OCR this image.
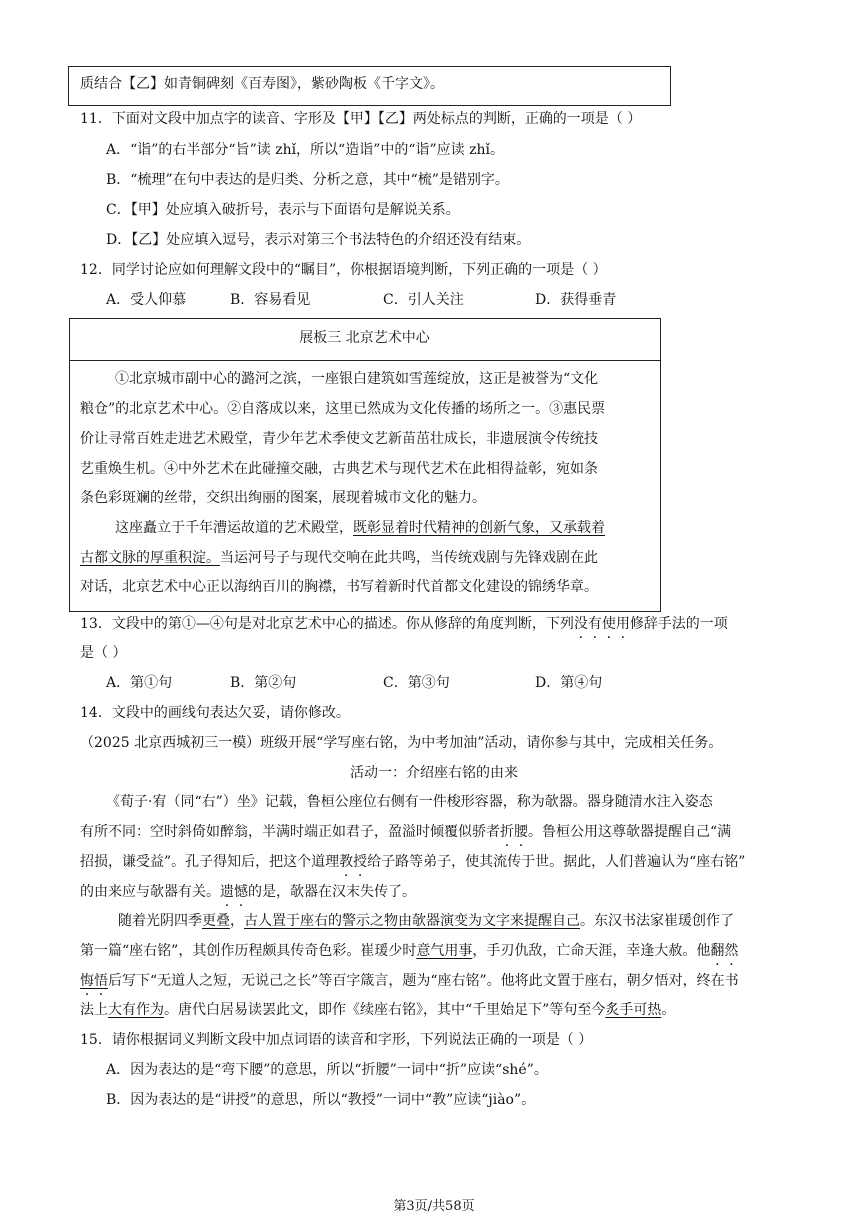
质结合【乙】如青铜碑刻《百寿图》，紫砂陶板《千字文》。
11．下面对文段中加点字的读音、字形及【甲】【乙】两处标点的判断，正确的一项是（ ）
A．“诣”的右半部分“旨”读 zhǐ，所以“造诣”中的“诣”应读 zhǐ。
B．“梳理”在句中表达的是归类、分析之意，其中“梳”是错别字。
C．【甲】处应填入破折号，表示与下面语句是解说关系。
D．【乙】处应填入逗号，表示对第三个书法特色的介绍还没有结束。
12．同学讨论应如何理解文段中的“瞩目”，你根据语境判断，下列正确的一项是（ ）
A．受人仰慕	B．容易看见	C．引人关注	D．获得垂青
展板三 北京艺术中心
①北京城市副中心的潞河之滨，一座银白建筑如雪莲绽放，这正是被誉为“文化
粮仓”的北京艺术中心。②自落成以来，这里已然成为文化传播的场所之一。③惠民票
价让寻常百姓走进艺术殿堂，青少年艺术季使文艺新苗茁壮成长，非遗展演令传统技
艺重焕生机。④中外艺术在此碰撞交融，古典艺术与现代艺术在此相得益彰，宛如条
条色彩斑斓的丝带，交织出绚丽的图案，展现着城市文化的魅力。
这座矗立于千年漕运故道的艺术殿堂，既彰显着时代精神的创新气象，又承载着
古都文脉的厚重积淀。当运河号子与现代交响在此共鸣，当传统戏剧与先锋戏剧在此
对话，北京艺术中心正以海纳百川的胸襟，书写着新时代首都文化建设的锦绣华章。
13．文段中的第①—④句是对北京艺术中心的描述。你从修辞的角度判断，下列没有使用修辞手法的一项
是（ ）
A．第①句	B．第②句	C．第③句	D．第④句
14．文段中的画线句表达欠妥，请你修改。
（2025 北京西城初三一模）班级开展“学写座右铭，为中考加油”活动，请你参与其中，完成相关任务。
活动一：介绍座右铭的由来
《荀子·宥（同“右”）坐》记载，鲁桓公座位右侧有一件梭形容器，称为欹器。器身随清水注入姿态
有所不同：空时斜倚如醉翁，半满时端正如君子，盈溢时倾覆似骄者折腰。鲁桓公用这尊欹器提醒自己“满
招损，谦受益”。孔子得知后，把这个道理教授给子路等弟子，使其流传于世。据此，人们普遍认为“座右铭”
的由来应与欹器有关。遗憾的是，欹器在汉末失传了。
随着光阴四季更叠，古人置于座右的警示之物由欹器演变为文字来提醒自己。东汉书法家崔瑗创作了
第一篇“座右铭”，其创作历程颇具传奇色彩。崔瑗少时意气用事，手刃仇敌，亡命天涯，幸逢大赦。他翻然
悔悟后写下“无道人之短，无说己之长”等百字箴言，题为“座右铭”。他将此文置于座右，朝夕悟对，终在书
法上大有作为。唐代白居易读罢此文，即作《续座右铭》，其中“千里始足下”等句至今炙手可热。
15．请你根据词义判断文段中加点词语的读音和字形，下列说法正确的一项是（ ）
A．因为表达的是“弯下腰”的意思，所以“折腰”一词中“折”应读“shé”。
B．因为表达的是“讲授”的意思，所以“教授”一词中“教”应读“jiào”。
第3页/共58页
